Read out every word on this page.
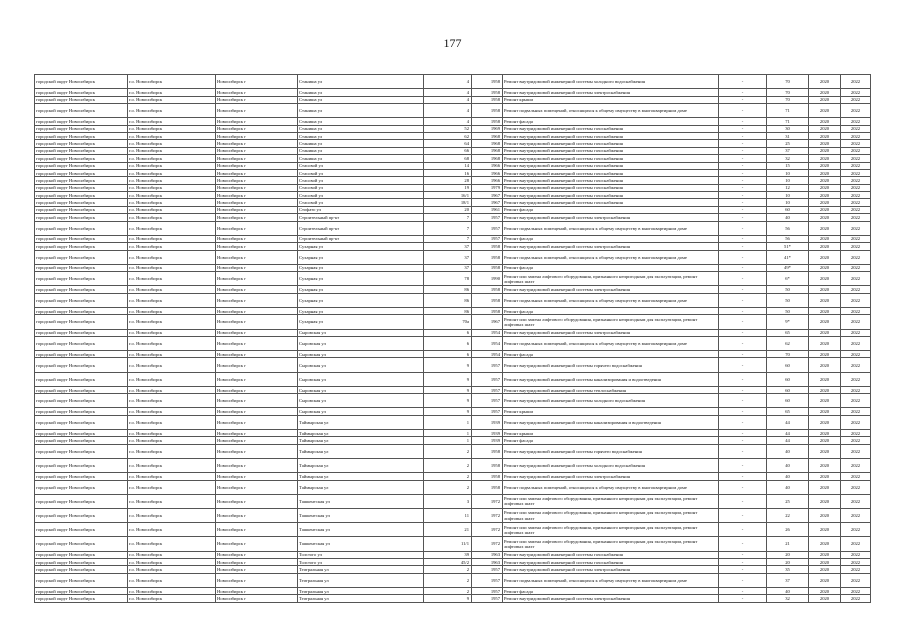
177
городской округ Новосибирск	г.о. Новосибирск	Новосибирск г	Станиша ул	4	1958	Ремонт внутридомовой инженерной системы холодного водоснабжения	-	70	2020	2022
городской округ Новосибирск	г.о. Новосибирск	Новосибирск г	Станиша ул	4	1958	Ремонт внутридомовой инженерной системы электроснабжения	-	70	2020	2022
городской округ Новосибирск	г.о. Новосибирск	Новосибирск г	Станиша ул	4	1958	Ремонт крыши	-	70	2020	2022
городской округ Новосибирск	г.о. Новосибирск	Новосибирск г	Станиша ул	4	1958	Ремонт подвальных помещений, относящихся к общему имуществу в многоквартирном доме	-	71	2020	2022
городской округ Новосибирск	г.о. Новосибирск	Новосибирск г	Станиша ул	4	1958	Ремонт фасада	-	71	2020	2022
городской округ Новосибирск	г.о. Новосибирск	Новосибирск г	Станиша ул	52	1969	Ремонт внутридомовой инженерной системы газоснабжения	-	30	2020	2022
городской округ Новосибирск	г.о. Новосибирск	Новосибирск г	Станиша ул	62	1968	Ремонт внутридомовой инженерной системы газоснабжения	-	31	2020	2022
городской округ Новосибирск	г.о. Новосибирск	Новосибирск г	Станиша ул	64	1968	Ремонт внутридомовой инженерной системы газоснабжения	-	25	2020	2022
городской округ Новосибирск	г.о. Новосибирск	Новосибирск г	Станиша ул	66	1968	Ремонт внутридомовой инженерной системы газоснабжения	-	37	2020	2022
городской округ Новосибирск	г.о. Новосибирск	Новосибирск г	Станиша ул	68	1968	Ремонт внутридомовой инженерной системы газоснабжения	-	32	2020	2022
городской округ Новосибирск	г.о. Новосибирск	Новосибирск г	Стасовой ул	14	1966	Ремонт внутридомовой инженерной системы газоснабжения	-	15	2020	2022
городской округ Новосибирск	г.о. Новосибирск	Новосибирск г	Стасовой ул	16	1966	Ремонт внутридомовой инженерной системы газоснабжения	-	10	2020	2022
городской округ Новосибирск	г.о. Новосибирск	Новосибирск г	Стасовой ул	28	1966	Ремонт внутридомовой инженерной системы газоснабжения	-	10	2020	2022
городской округ Новосибирск	г.о. Новосибирск	Новосибирск г	Стасовой ул	19	1979	Ремонт внутридомовой инженерной системы газоснабжения	-	12	2020	2022
городской округ Новосибирск	г.о. Новосибирск	Новосибирск г	Стасовой ул	16/1	1967	Ремонт внутридомовой инженерной системы газоснабжения	-	10	2020	2022
городской округ Новосибирск	г.о. Новосибирск	Новосибирск г	Стасовой ул	18/1	1967	Ремонт внутридомовой инженерной системы газоснабжения	-	10	2020	2022
городской округ Новосибирск	г.о. Новосибирск	Новосибирск г	Стофато ул	20	1961	Ремонт фасада	-	60	2020	2022
городской округ Новосибирск	г.о. Новосибирск	Новосибирск г	Строительный пр-кт	7	1957	Ремонт внутридомовой инженерной системы электроснабжения	-	40	2020	2022
городской округ Новосибирск	г.о. Новосибирск	Новосибирск г	Строительный пр-кт	7	1957	Ремонт подвальных помещений, относящихся к общему имуществу в многоквартирном доме	-	56	2020	2022
городской округ Новосибирск	г.о. Новосибирск	Новосибирск г	Строительный пр-кт	7	1957	Ремонт фасада	-	56	2020	2022
городской округ Новосибирск	г.о. Новосибирск	Новосибирск г	Сухарная ул	37	1958	Ремонт внутридомовой инженерной системы электроснабжения	-	51*	2020	2022
городской округ Новосибирск	г.о. Новосибирск	Новосибирск г	Сухарная ул	37	1958	Ремонт подвальных помещений, относящихся к общему имуществу в многоквартирном доме	-	41*	2020	2022
городской округ Новосибирск	г.о. Новосибирск	Новосибирск г	Сухарная ул	37	1958	Ремонт фасада	-	49*	2020	2022
городской округ Новосибирск	г.о. Новосибирск	Новосибирск г	Сухарная ул	78	1990	Ремонт или замена лифтового оборудования, признанного непригодным для эксплуатации, ремонт лифтовых шахт	-	6*	2020	2022
городской округ Новосибирск	г.о. Новосибирск	Новосибирск г	Сухарная ул	86	1958	Ремонт внутридомовой инженерной системы электроснабжения	-	50	2020	2022
городской округ Новосибирск	г.о. Новосибирск	Новосибирск г	Сухарная ул	86	1958	Ремонт подвальных помещений, относящихся к общему имуществу в многоквартирном доме	-	50	2020	2022
городской округ Новосибирск	г.о. Новосибирск	Новосибирск г	Сухарная ул	86	1958	Ремонт фасада	-	50	2020	2022
городской округ Новосибирск	г.о. Новосибирск	Новосибирск г	Сухарная ул	70а	1967	Ремонт или замена лифтового оборудования, признанного непригодным для эксплуатации, ремонт лифтовых шахт	-	9*	2020	2022
городской округ Новосибирск	г.о. Новосибирск	Новосибирск г	Сыровская ул	6	1954	Ремонт внутридомовой инженерной системы электроснабжения	-	65	2020	2022
городской округ Новосибирск	г.о. Новосибирск	Новосибирск г	Сыровская ул	6	1954	Ремонт подвальных помещений, относящихся к общему имуществу в многоквартирном доме	-	62	2020	2022
городской округ Новосибирск	г.о. Новосибирск	Новосибирск г	Сыровская ул	6	1954	Ремонт фасада	-	70	2020	2022
городской округ Новосибирск	г.о. Новосибирск	Новосибирск г	Сыровская ул	9	1957	Ремонт внутридомовой инженерной системы горячего водоснабжения	-	60	2020	2022
городской округ Новосибирск	г.о. Новосибирск	Новосибирск г	Сыровская ул	9	1957	Ремонт внутридомовой инженерной системы канализирования и водоотведения	-	60	2020	2022
городской округ Новосибирск	г.о. Новосибирск	Новосибирск г	Сыровская ул	9	1957	Ремонт внутридомовой инженерной системы теплоснабжения	-	60	2020	2022
городской округ Новосибирск	г.о. Новосибирск	Новосибирск г	Сыровская ул	9	1957	Ремонт внутридомовой инженерной системы холодного водоснабжения	-	60	2020	2022
городской округ Новосибирск	г.о. Новосибирск	Новосибирск г	Сыровская ул	9	1957	Ремонт крыши	-	65	2020	2022
городской округ Новосибирск	г.о. Новосибирск	Новосибирск г	Таймырская ул	1	1939	Ремонт внутридомовой инженерной системы канализирования и водоотведения	-	44	2020	2022
городской округ Новосибирск	г.о. Новосибирск	Новосибирск г	Таймырская ул	1	1939	Ремонт крыши	-	44	2020	2022
городской округ Новосибирск	г.о. Новосибирск	Новосибирск г	Таймырская ул	1	1939	Ремонт фасада	-	44	2020	2022
городской округ Новосибирск	г.о. Новосибирск	Новосибирск г	Таймырская ул	2	1958	Ремонт внутридомовой инженерной системы горячего водоснабжения	-	40	2020	2022
городской округ Новосибирск	г.о. Новосибирск	Новосибирск г	Таймырская ул	2	1958	Ремонт внутридомовой инженерной системы холодного водоснабжения	-	40	2020	2022
городской округ Новосибирск	г.о. Новосибирск	Новосибирск г	Таймырская ул	2	1958	Ремонт внутридомовой инженерной системы электроснабжения	-	40	2020	2022
городской округ Новосибирск	г.о. Новосибирск	Новосибирск г	Таймырская ул	2	1958	Ремонт подвальных помещений, относящихся к общему имуществу в многоквартирном доме	-	40	2020	2022
городской округ Новосибирск	г.о. Новосибирск	Новосибирск г	Ташкентская ул	3	1972	Ремонт или замена лифтового оборудования, признанного непригодным для эксплуатации, ремонт лифтовых шахт	-	25	2020	2022
городской округ Новосибирск	г.о. Новосибирск	Новосибирск г	Ташкентская ул	11	1972	Ремонт или замена лифтового оборудования, признанного непригодным для эксплуатации, ремонт лифтовых шахт	-	22	2020	2022
городской округ Новосибирск	г.о. Новосибирск	Новосибирск г	Ташкентская ул	21	1972	Ремонт или замена лифтового оборудования, признанного непригодным для эксплуатации, ремонт лифтовых шахт	-	26	2020	2022
городской округ Новосибирск	г.о. Новосибирск	Новосибирск г	Ташкентская ул	11/1	1972	Ремонт или замена лифтового оборудования, признанного непригодным для эксплуатации, ремонт лифтовых шахт	-	21	2020	2022
городской округ Новосибирск	г.о. Новосибирск	Новосибирск г	Толстого ул	39	1963	Ремонт внутридомовой инженерной системы газоснабжения	-	20	2020	2022
городской округ Новосибирск	г.о. Новосибирск	Новосибирск г	Толстого ул	45/2	1963	Ремонт внутридомовой инженерной системы газоснабжения	-	20	2020	2022
городской округ Новосибирск	г.о. Новосибирск	Новосибирск г	Театральная ул	2	1957	Ремонт внутридомовой инженерной системы электроснабжения	-	35	2020	2022
городской округ Новосибирск	г.о. Новосибирск	Новосибирск г	Театральная ул	2	1957	Ремонт подвальных помещений, относящихся к общему имуществу в многоквартирном доме	-	37	2020	2022
городской округ Новосибирск	г.о. Новосибирск	Новосибирск г	Театральная ул	2	1957	Ремонт фасада	-	40	2020	2022
городской округ Новосибирск	г.о. Новосибирск	Новосибирск г	Театральная ул	9	1957	Ремонт внутридомовой инженерной системы электроснабжения	-	32	2020	2022
